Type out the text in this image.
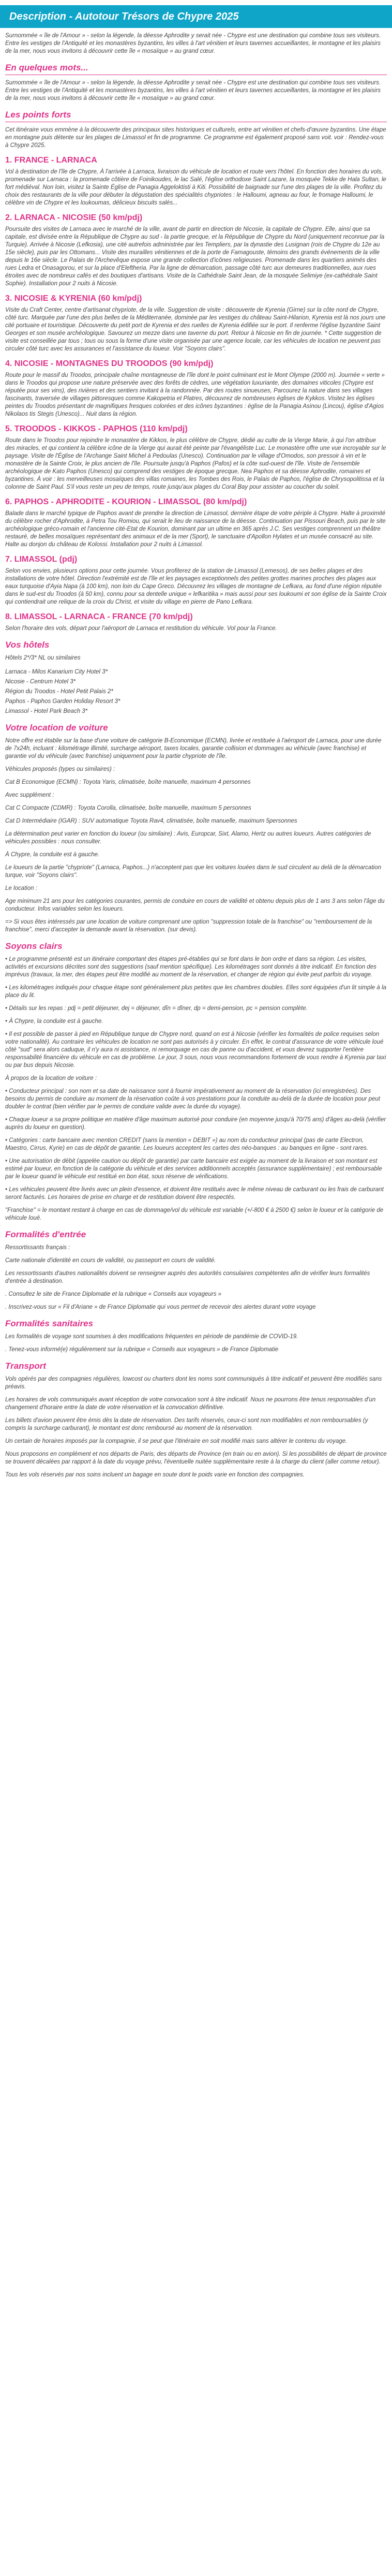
Description - Autotour Trésors de Chypre 2025

Surnommée « île de l'Amour » - selon la légende, la déesse Aphrodite y serait née - Chypre est une destination qui combine tous ses visiteurs. Entre les vestiges de l'Antiquité et les monastères byzantins, les villes à l'art vénitien et leurs tavernes accueillantes, le montagne et les plaisirs de la mer, nous vous invitons à découvrir cette île « mosaïque » au grand cœur.

En quelques mots...

Surnommée « île de l'Amour » - selon la légende, la déesse Aphrodite y serait née - Chypre est une destination qui combine tous ses visiteurs. Entre les vestiges de l'Antiquité et les monastères byzantins, les villes à l'art vénitien et leurs tavernes accueillantes, la montagne et les plaisirs de la mer, nous vous invitons à découvrir cette île « mosaïque » au grand cœur.

Les points forts

Cet itinéraire vous emmène à la découverte des principaux sites historiques et culturels, entre art vénitien et chefs-d'œuvre byzantins. Une étape en montagne puis détente sur les plages de Limassol et fin de programme. Ce programme est également proposé sans voit. voir : Rendez-vous à Chypre 2025.

1. FRANCE - LARNACA

Vol à destination de l'île de Chypre, À l'arrivée à Larnaca, livraison du véhicule de location et route vers l'hôtel. En fonction des horaires du vols, promenade sur Larnaca : la promenade côtière de Foinikoudes, le lac Salé, l'église orthodoxe Saint Lazare, la mosquée Tekke de Hala Sultan, le fort médiéval. Non loin, visitez la Sainte Église de Panagia Aggeloktisti à Kiti. Possibilité de baignade sur l'une des plages de la ville. Profitez du choix des restaurants de la ville pour débuter la dégustation des spécialités chypriotes : le Halloumi, agneau au four, le fromage Halloumi, le célèbre vin de Chypre et les loukoumas, délicieux biscuits salés...

2. LARNACA - NICOSIE (50 km/pdj)

Poursuite des visites de Larnaca avec le marché de la ville, avant de partir en direction de Nicosie, la capitale de Chypre. Elle, ainsi que sa capitale, est divisée entre la République de Chypre au sud - la partie grecque, et la République de Chypre du Nord (uniquement reconnue par la Turquie). Arrivée à Nicosie (Lefkosia), une cité autrefois administrée par les Templiers, par la dynastie des Lusignan (rois de Chypre du 12e au 15e siècle), puis par les Ottomans... Visite des murailles vénitiennes et de la porte de Famagouste, témoins des grands événements de la ville depuis le 16e siècle. Le Palais de l'Archevêque expose une grande collection d'icônes religieuses. Promenade dans les quartiers animés des rues Ledra et Onasagorou, et sur la place d'Eleftheria. Par la ligne de démarcation, passage côté turc aux demeures traditionnelles, aux rues étroites avec de nombreux cafés et des boutiques d'artisans. Visite de la Cathédrale Saint Jean, de la mosquée Selimiye (ex-cathédrale Saint Sophie). Installation pour 2 nuits à Nicosie.

3. NICOSIE & KYRENIA (60 km/pdj)

Visite du Craft Center, centre d'artisanat chypriote, de la ville. Suggestion de visite : découverte de Kyrenia (Girne) sur la côte nord de Chypre, côté turc. Marquée par l'une des plus belles de la Méditerranée, dominée par les vestiges du château Saint-Hilarion, Kyrenia est là nos jours une cité portuaire et touristique. Découverte du petit port de Kyrenia et des ruelles de Kyrenia édifiée sur le port. Il renferme l'église byzantine Saint Georges et son musée archéologique. Savourez un mezze dans une taverne du port. Retour à Nicosie en fin de journée. * Cette suggestion de visite est conseillée par tous ; tous ou sous la forme d'une visite organisée par une agence locale, car les véhicules de location ne peuvent pas circuler côté turc avec les assurances et l'assistance du loueur. Voir "Soyons clairs".

4. NICOSIE - MONTAGNES DU TROODOS (90 km/pdj)

Route pour le massif du Troodos, principale chaîne montagneuse de l'île dont le point culminant est le Mont Olympe (2000 m). Journée « verte » dans le Troodos qui propose une nature préservée avec des forêts de cèdres, une végétation luxuriante, des domaines viticoles (Chypre est réputée pour ses vins), des rivières et des sentiers invitant à la randonnée. Par des routes sinueuses, Parcourez la nature dans ses villages fascinants, traversée de villages pittoresques comme Kakopetria et Platres, découvrez de nombreuses églises de Kykkos. Visitez les églises peintes du Troodos présentant de magnifiques fresques colorées et des icônes byzantines : église de la Panagia Asinou (Lincou), église d'Agios Nikolaos tis Stegis (Unesco)... Nuit dans la région.

5. TROODOS - KIKKOS - PAPHOS (110 km/pdj)

Route dans le Troodos pour rejoindre le monastère de Kikkos, le plus célèbre de Chypre, dédié au culte de la Vierge Marie, à qui l'on attribue des miracles, et qui contient la célèbre icône de la Vierge qui aurait été peinte par l'évangéliste Luc. Le monastère offre une vue incroyable sur le paysage. Visite de l'Église de l'Archange Saint Michel à Pedoulas (Unesco). Continuation par le village d'Omodos, son pressoir à vin et le monastère de la Sainte Croix, le plus ancien de l'île. Poursuite jusqu'à Paphos (Pafos) et la côte sud-ouest de l'île. Visite de l'ensemble archéologique de Kato Paphos (Unesco) qui comprend des vestiges de époque grecque, Nea Paphos et sa déesse Aphrodite, romaines et byzantines. À voir : les merveilleuses mosaïques des villas romaines, les Tombes des Rois, le Palais de Paphos, l'église de Chrysopolitissa et la colonne de Saint Paul. S'il vous reste un peu de temps, route jusqu'aux plages du Coral Bay pour assister au coucher du soleil.

6. PAPHOS - APHRODITE - KOURION - LIMASSOL (80 km/pdj)

Balade dans le marché typique de Paphos avant de prendre la direction de Limassol, dernière étape de votre périple à Chypre. Halte à proximité du célèbre rocher d'Aphrodite, à Petra Tou Romiou, qui serait le lieu de naissance de la déesse. Continuation par Pissouri Beach, puis par le site archéologique gréco-romain et l'ancienne cité-Etat de Kourion, dominant par un ultime en 365 après J.C. Ses vestiges comprennent un théâtre restauré, de belles mosaïques représentant des animaux et de la mer (Sport), le sanctuaire d'Apollon Hylates et un musée consacré au site. Halte au donjon du château de Kolossi. Installation pour 2 nuits à Limassol.

7. LIMASSOL (pdj)

Selon vos envies, plusieurs options pour cette journée. Vous profiterez de la station de Limassol (Lemesos), de ses belles plages et des installations de votre hôtel. Direction l'extrémité est de l'île et les paysages exceptionnels des petites grottes marines proches des plages aux eaux turquoise d'Ayia Napa (à 100 km), non loin du Cape Greco. Découvrez les villages de montagne de Lefkara, au fond d'une région réputée dans le sud-est du Troodos (à 50 km), connu pour sa dentelle unique « lefkaritika » mais aussi pour ses loukoumi et son église de la Sainte Croix qui contiendrait une relique de la croix du Christ, et visite du village en pierre de Pano Lefkara.

8. LIMASSOL - LARNACA - FRANCE (70 km/pdj)

Selon l'horaire des vols, départ pour l'aéroport de Larnaca et restitution du véhicule. Vol pour la France.

Vos hôtels

Hôtels 2*/3* NL ou similaires

Larnaca - Milos Kanarium City Hotel 3*

Nicosie - Centrum Hotel 3*

Région du Troodos - Hotel Petit Palais 2*

Paphos - Paphos Garden Holiday Resort 3*

Limassol - Hotel Park Beach 3*

Votre location de voiture

Notre offre est établie sur la base d'une voiture de catégorie B-Economique (ECMN), livrée et restituée à l'aéroport de Larnaca, pour une durée de 7x24h, incluant : kilométrage illimité, surcharge aéroport, taxes locales, garantie collision et dommages au véhicule (avec franchise) et garantie vol du véhicule (avec franchise) uniquement pour la partie chypriote de l'île.

Véhicules proposés (types ou similaires) :

Cat B Economique (ECMN) : Toyota Yaris, climatisée, boîte manuelle, maximum 4 personnes

Avec supplément :

Cat C Compacte (CDMR) : Toyota Corolla, climatisée, boîte manuelle, maximum 5 personnes

Cat D Intermédiaire (IGAR) : SUV automatique Toyota Rav4, climatisée, boîte manuelle, maximum 5personnes

La détermination peut varier en fonction du loueur (ou similaire) : Avis, Europcar, Sixt, Alamo, Hertz ou autres loueurs. Autres catégories de véhicules possibles : nous consulter.

À Chypre, la conduite est à gauche.

Le loueurs de la partie "chypriote" (Larnaca, Paphos...) n'acceptent pas que les voitures louées dans le sud circulent au delà de la démarcation turque, voir "Soyons clairs".

Le location :

Age minimum 21 ans pour les catégories courantes, permis de conduire en cours de validité et obtenu depuis plus de 1 ans 3 ans selon l'âge du conducteur. Infos variables selon les loueurs.

=> Si vous êtes intéressés par une location de voiture comprenant une option "suppression totale de la franchise" ou "remboursement de la franchise", merci d'accepter la demande avant la réservation. (sur devis).

Soyons clairs

• Le programme présenté est un itinéraire comportant des étapes pré-établies qui se font dans le bon ordre et dans sa région. Les visites, activités et excursions décrites sont des suggestions (sauf mention spécifique). Les kilométrages sont donnés à titre indicatif. En fonction des imprévus (travaux, la mer, des étapes peut être modifié au moment de la réservation, et changer de région qui évite peut parfois du voyage.

• Les kilométrages indiqués pour chaque étape sont généralement plus petites que les chambres doubles. Elles sont équipées d'un lit simple à la place du lit.

• Détails sur les repas : pdj = petit déjeuner, dej = déjeuner, dîn = dîner, dp = demi-pension, pc = pension complète.

• À Chypre, la conduite est à gauche.

• Il est possible de passer à pied en République turque de Chypre nord, quand on est à Nicosie (vérifier les formalités de police requises selon votre nationalité). Au contraire les véhicules de location ne sont pas autorisés à y circuler. En effet, le contrat d'assurance de votre véhicule loué côté "sud" sera alors caduque, il n'y aura ni assistance, ni remorquage en cas de panne ou d'accident, et vous devrez supporter l'entière responsabilité financière du véhicule en cas de problème. Le jour, 3 sous, nous vous recommandons fortement de vous rendre à Kyrenia par taxi ou par bus depuis Nicosie.

À propos de la location de voiture :

• Conducteur principal : son nom et sa date de naissance sont à fournir impérativement au moment de la réservation (ici enregistrées). Des besoins du permis de conduire au moment de la réservation coûte à vos prestations pour la conduite au-delà de la durée de location pour peut doubler le contrat (bien vérifier par le permis de conduire valide avec la durée du voyage).

• Chaque loueur a sa propre politique en matière d'âge maximum autorisé pour conduire (en moyenne jusqu'à 70/75 ans) d'âges au-delà (vérifier auprès du loueur en question).

• Catégories : carte bancaire avec mention CREDIT (sans la mention « DEBIT ») au nom du conducteur principal (pas de carte Electron, Maestro, Cirrus, Kyrie) en cas de dépôt de garantie. Les loueurs acceptent les cartes des néo-banques : au banques en ligne - sont rares.

• Une autorisation de débit (appelée caution ou dépôt de garantie) par carte bancaire est exigée au moment de la livraison et son montant est estimé par loueur, en fonction de la catégorie du véhicule et des services additionnels acceptés (assurance supplémentaire) ; est remboursable par le loueur quand le véhicule est restitué en bon état, sous réserve de vérifications.

• Les véhicules peuvent être livrés avec un plein d'essence, et doivent être restitués avec le même niveau de carburant ou les frais de carburant seront facturés. Les horaires de prise en charge et de restitution doivent être respectés.

"Franchise" = le montant restant à charge en cas de dommage/vol du véhicule est variable (+/-800 € à 2500 €) selon le loueur et la catégorie de véhicule loué.

Formalités d'entrée

Ressortissants français :

Carte nationale d'identité en cours de validité, ou passeport en cours de validité.

Les ressortissants d'autres nationalités doivent se renseigner auprès des autorités consulaires compétentes afin de vérifier leurs formalités d'entrée à destination.

. Consultez le site de France Diplomatie et la rubrique « Conseils aux voyageurs »

. Inscrivez-vous sur « Fil d'Ariane » de France Diplomatie qui vous permet de recevoir des alertes durant votre voyage

Formalités sanitaires

Les formalités de voyage sont soumises à des modifications fréquentes en période de pandémie de COVID-19.

. Tenez-vous informé(e) régulièrement sur la rubrique « Conseils aux voyageurs » de France Diplomatie

Transport

Vols opérés par des compagnies régulières, lowcost ou charters dont les noms sont communiqués à titre indicatif et peuvent être modifiés sans préavis.

Les horaires de vols communiqués avant réception de votre convocation sont à titre indicatif. Nous ne pourrons être tenus responsables d'un changement d'horaire entre la date de votre réservation et la convocation définitive.

Les billets d'avion peuvent être émis dès la date de réservation. Des tarifs réservés, ceux-ci sont non modifiables et non remboursables (y compris la surcharge carburant), le montant est donc remboursé au moment de la réservation.

Un certain de horaires imposés par la compagnie, il se peut que l'itinéraire en soit modifié mais sans altérer le contenu du voyage.

Nous proposons en complément et nos départs de Paris, des départs de Province (en train ou en avion). Si les possibilités de départ de province se trouvent décalées par rapport à la date du voyage prévu, l'éventuelle nuitée supplémentaire reste à la charge du client (aller comme retour).

Tous les vols réservés par nos soins incluent un bagage en soute dont le poids varie en fonction des compagnies.
